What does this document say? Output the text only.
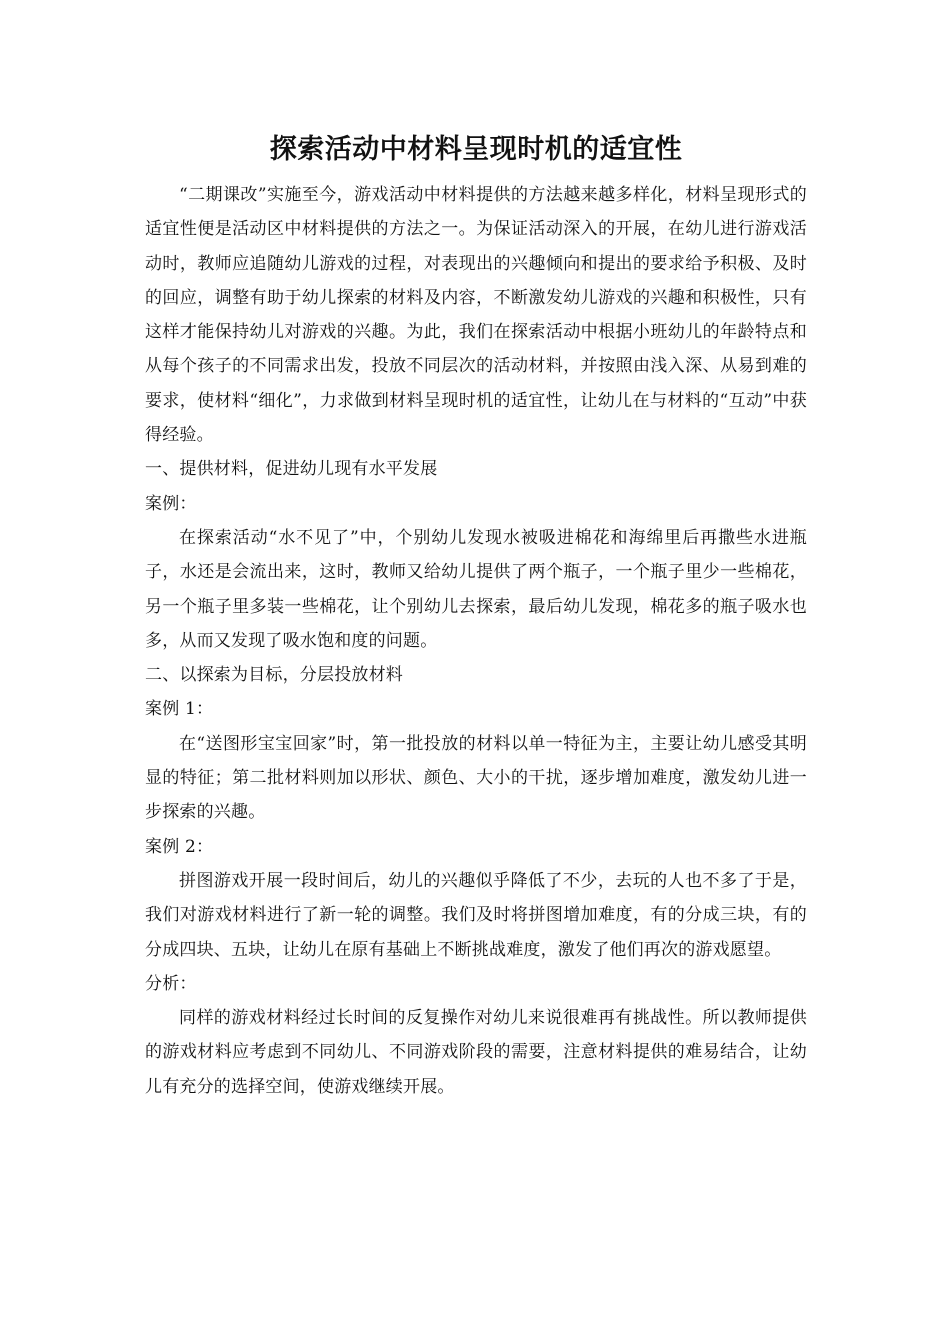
探索活动中材料呈现时机的适宜性

“二期课改”实施至今，游戏活动中材料提供的方法越来越多样化，材料呈现形式的适宜性便是活动区中材料提供的方法之一。为保证活动深入的开展，在幼儿进行游戏活动时，教师应追随幼儿游戏的过程，对表现出的兴趣倾向和提出的要求给予积极、及时的回应，调整有助于幼儿探索的材料及内容，不断激发幼儿游戏的兴趣和积极性，只有这样才能保持幼儿对游戏的兴趣。为此，我们在探索活动中根据小班幼儿的年龄特点和从每个孩子的不同需求出发，投放不同层次的活动材料，并按照由浅入深、从易到难的要求，使材料“细化”，力求做到材料呈现时机的适宜性，让幼儿在与材料的“互动”中获得经验。

一、提供材料，促进幼儿现有水平发展

案例：

在探索活动“水不见了”中，个别幼儿发现水被吸进棉花和海绵里后再撒些水进瓶子，水还是会流出来，这时，教师又给幼儿提供了两个瓶子，一个瓶子里少一些棉花，另一个瓶子里多装一些棉花，让个别幼儿去探索，最后幼儿发现，棉花多的瓶子吸水也多，从而又发现了吸水饱和度的问题。

二、以探索为目标，分层投放材料

案例 1：

在“送图形宝宝回家”时，第一批投放的材料以单一特征为主，主要让幼儿感受其明显的特征；第二批材料则加以形状、颜色、大小的干扰，逐步增加难度，激发幼儿进一步探索的兴趣。

案例 2：

拼图游戏开展一段时间后，幼儿的兴趣似乎降低了不少，去玩的人也不多了于是，我们对游戏材料进行了新一轮的调整。我们及时将拼图增加难度，有的分成三块，有的分成四块、五块，让幼儿在原有基础上不断挑战难度，激发了他们再次的游戏愿望。

分析：

同样的游戏材料经过长时间的反复操作对幼儿来说很难再有挑战性。所以教师提供的游戏材料应考虑到不同幼儿、不同游戏阶段的需要，注意材料提供的难易结合，让幼儿有充分的选择空间，使游戏继续开展。
